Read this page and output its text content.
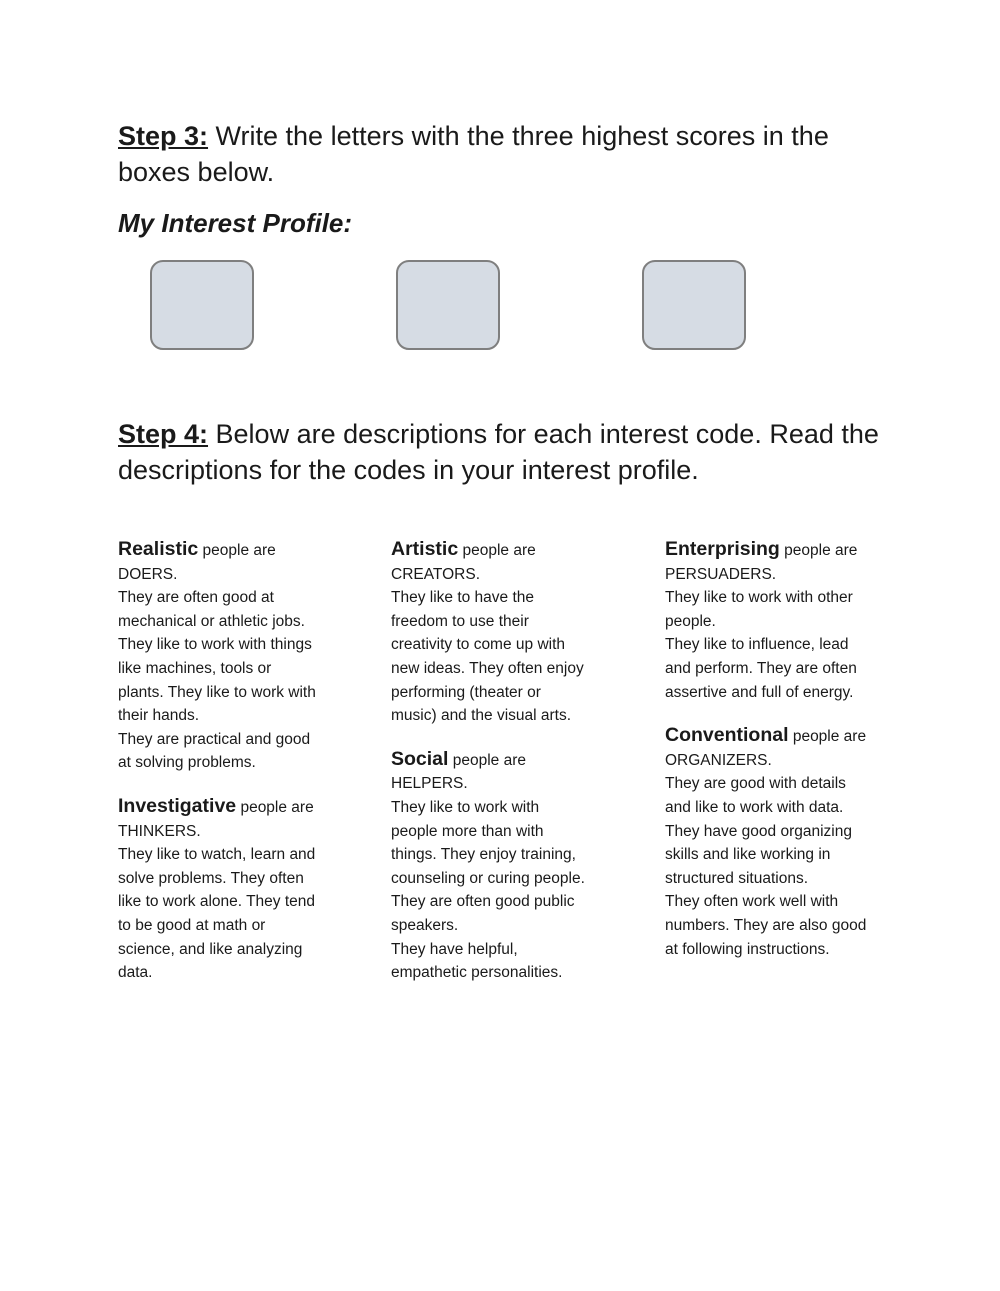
Step 3: Write the letters with the three highest scores in the boxes below.

My Interest Profile:

Step 4: Below are descriptions for each interest code. Read the descriptions for the codes in your interest profile.

Realistic people are
DOERS.
They are often good at
mechanical or athletic jobs.
They like to work with things
like machines, tools or
plants. They like to work with
their hands.
They are practical and good
at solving problems.
Investigative people are
THINKERS.
They like to watch, learn and
solve problems. They often
like to work alone. They tend
to be good at math or
science, and like analyzing
data.
Artistic people are
CREATORS.
They like to have the
freedom to use their
creativity to come up with
new ideas. They often enjoy
performing (theater or
music) and the visual arts.
Social people are
HELPERS.
They like to work with
people more than with
things. They enjoy training,
counseling or curing people.
They are often good public
speakers.
They have helpful,
empathetic personalities.
Enterprising people are
PERSUADERS.
They like to work with other
people.
They like to influence, lead
and perform. They are often
assertive and full of energy.
Conventional people are
ORGANIZERS.
They are good with details
and like to work with data.
They have good organizing
skills and like working in
structured situations.
They often work well with
numbers. They are also good
at following instructions.
